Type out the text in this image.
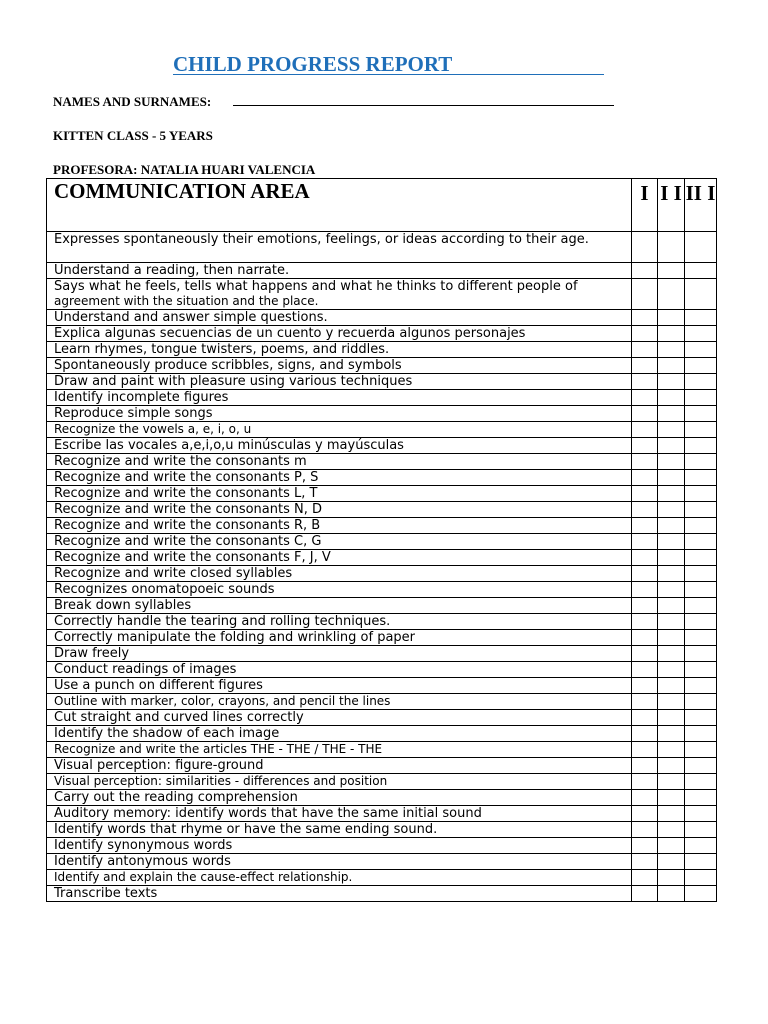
CHILD PROGRESS REPORT
NAMES AND SURNAMES:
KITTEN CLASS - 5 YEARS
PROFESORA: NATALIA HUARI VALENCIA
COMMUNICATION AREA	I	I I	II I
Expresses spontaneously their emotions, feelings, or ideas according to their age.			
Understand a reading, then narrate.			
Says what he feels, tells what happens and what he thinks to different people of
agreement with the situation and the place.			
Understand and answer simple questions.			
Explica algunas secuencias de un cuento y recuerda algunos personajes			
Learn rhymes, tongue twisters, poems, and riddles.			
Spontaneously produce scribbles, signs, and symbols			
Draw and paint with pleasure using various techniques			
Identify incomplete figures			
Reproduce simple songs			
Recognize the vowels a, e, i, o, u			
Escribe las vocales a,e,i,o,u minúsculas y mayúsculas			
Recognize and write the consonants m			
Recognize and write the consonants P, S			
Recognize and write the consonants L, T			
Recognize and write the consonants N, D			
Recognize and write the consonants R, B			
Recognize and write the consonants C, G			
Recognize and write the consonants F, J, V			
Recognize and write closed syllables			
Recognizes onomatopoeic sounds			
Break down syllables			
Correctly handle the tearing and rolling techniques.			
Correctly manipulate the folding and wrinkling of paper			
Draw freely			
Conduct readings of images			
Use a punch on different figures			
Outline with marker, color, crayons, and pencil the lines			
Cut straight and curved lines correctly			
Identify the shadow of each image			
Recognize and write the articles THE - THE / THE - THE			
Visual perception: figure-ground			
Visual perception: similarities - differences and position			
Carry out the reading comprehension			
Auditory memory: identify words that have the same initial sound			
Identify words that rhyme or have the same ending sound.			
Identify synonymous words			
Identify antonymous words			
Identify and explain the cause-effect relationship.			
Transcribe texts			
